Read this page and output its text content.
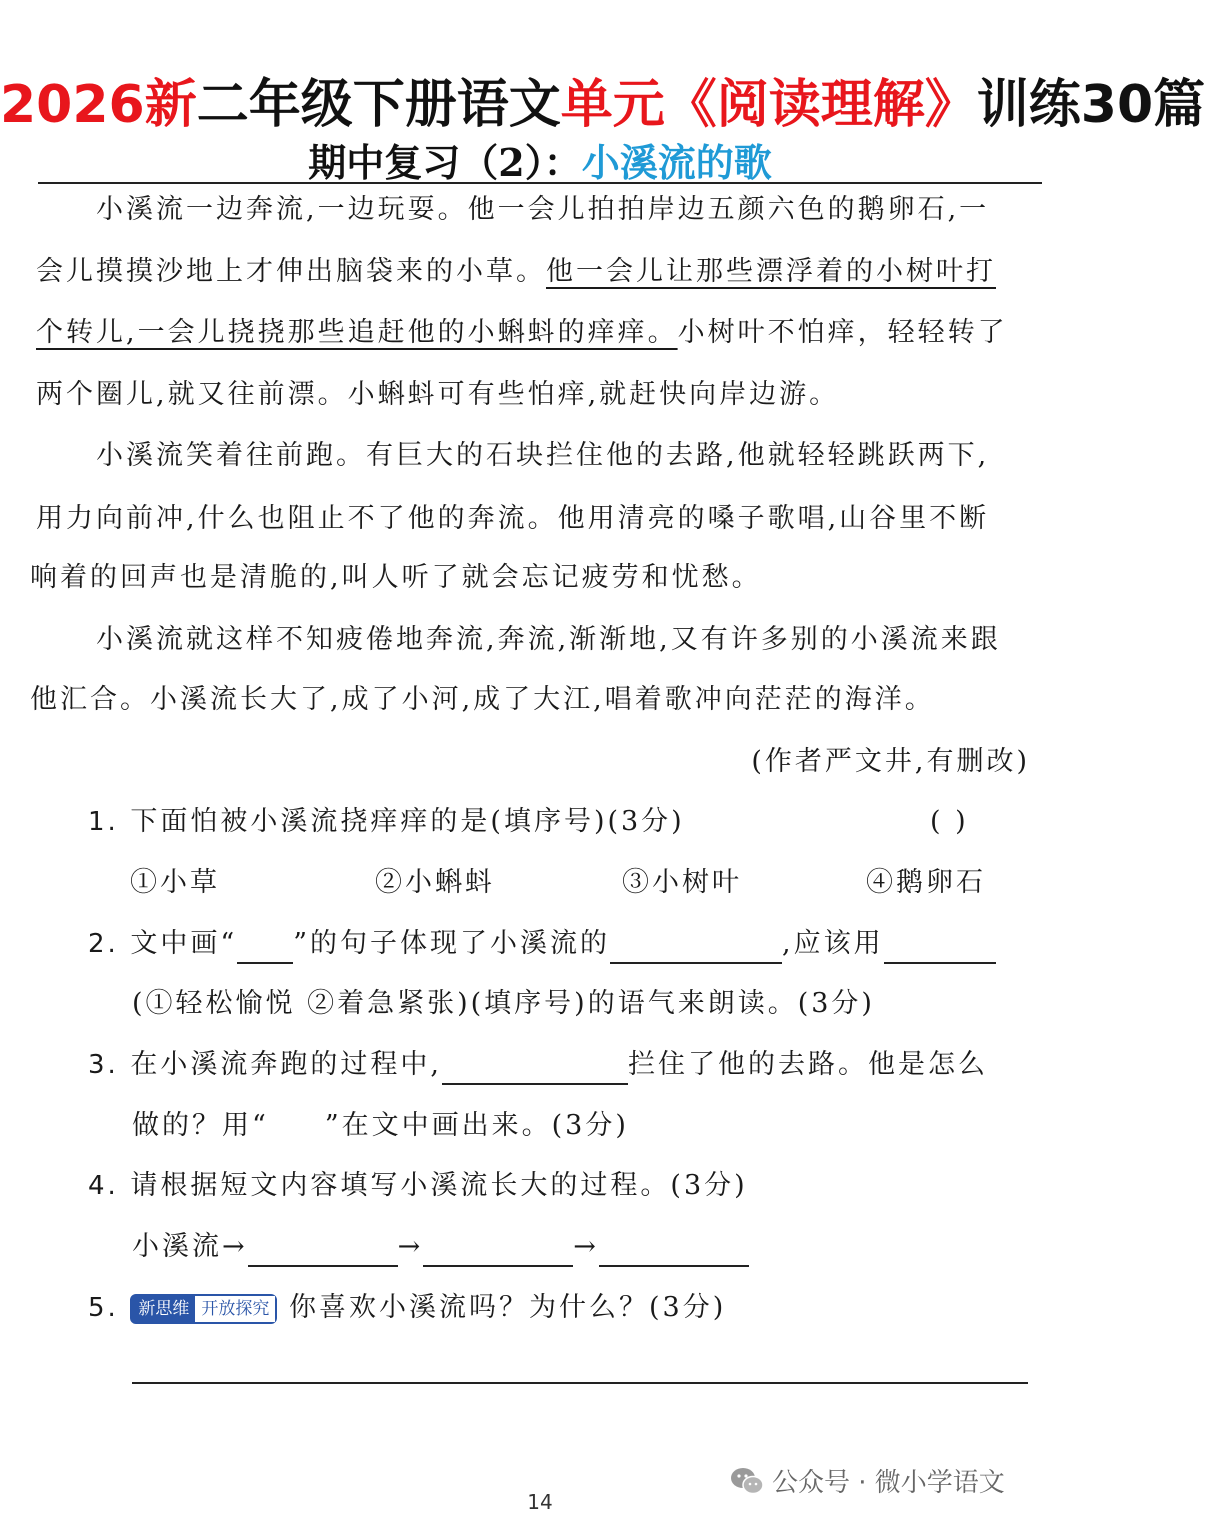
2026新二年级下册语文单元《阅读理解》训练30篇
期中复习（2）：小溪流的歌
小溪流一边奔流,一边玩耍。他一会儿拍拍岸边五颜六色的鹅卵石,一
会儿摸摸沙地上才伸出脑袋来的小草。他一会儿让那些漂浮着的小树叶打
个转儿,一会儿挠挠那些追赶他的小蝌蚪的痒痒。小树叶不怕痒，轻轻转了
两个圈儿,就又往前漂。小蝌蚪可有些怕痒,就赶快向岸边游。
小溪流笑着往前跑。有巨大的石块拦住他的去路,他就轻轻跳跃两下,
用力向前冲,什么也阻止不了他的奔流。他用清亮的嗓子歌唱,山谷里不断
响着的回声也是清脆的,叫人听了就会忘记疲劳和忧愁。
小溪流就这样不知疲倦地奔流,奔流,渐渐地,又有许多别的小溪流来跟
他汇合。小溪流长大了,成了小河,成了大江,唱着歌冲向茫茫的海洋。
(作者严文井,有删改)
1. 下面怕被小溪流挠痒痒的是(填序号)(3分)	( )
①小草	②小蝌蚪	③小树叶	④鹅卵石
2. 文中画“ ”的句子体现了小溪流的	,应该用
(①轻松愉悦 ②着急紧张)(填序号)的语气来朗读。(3分)
3. 在小溪流奔跑的过程中,	拦住了他的去路。他是怎么
做的？用“ ”在文中画出来。(3分)
4. 请根据短文内容填写小溪流长大的过程。(3分)
小溪流→	→	→
5.	新思维 开放探究 你喜欢小溪流吗？为什么？(3分)
公众号 · 微小学语文
14
